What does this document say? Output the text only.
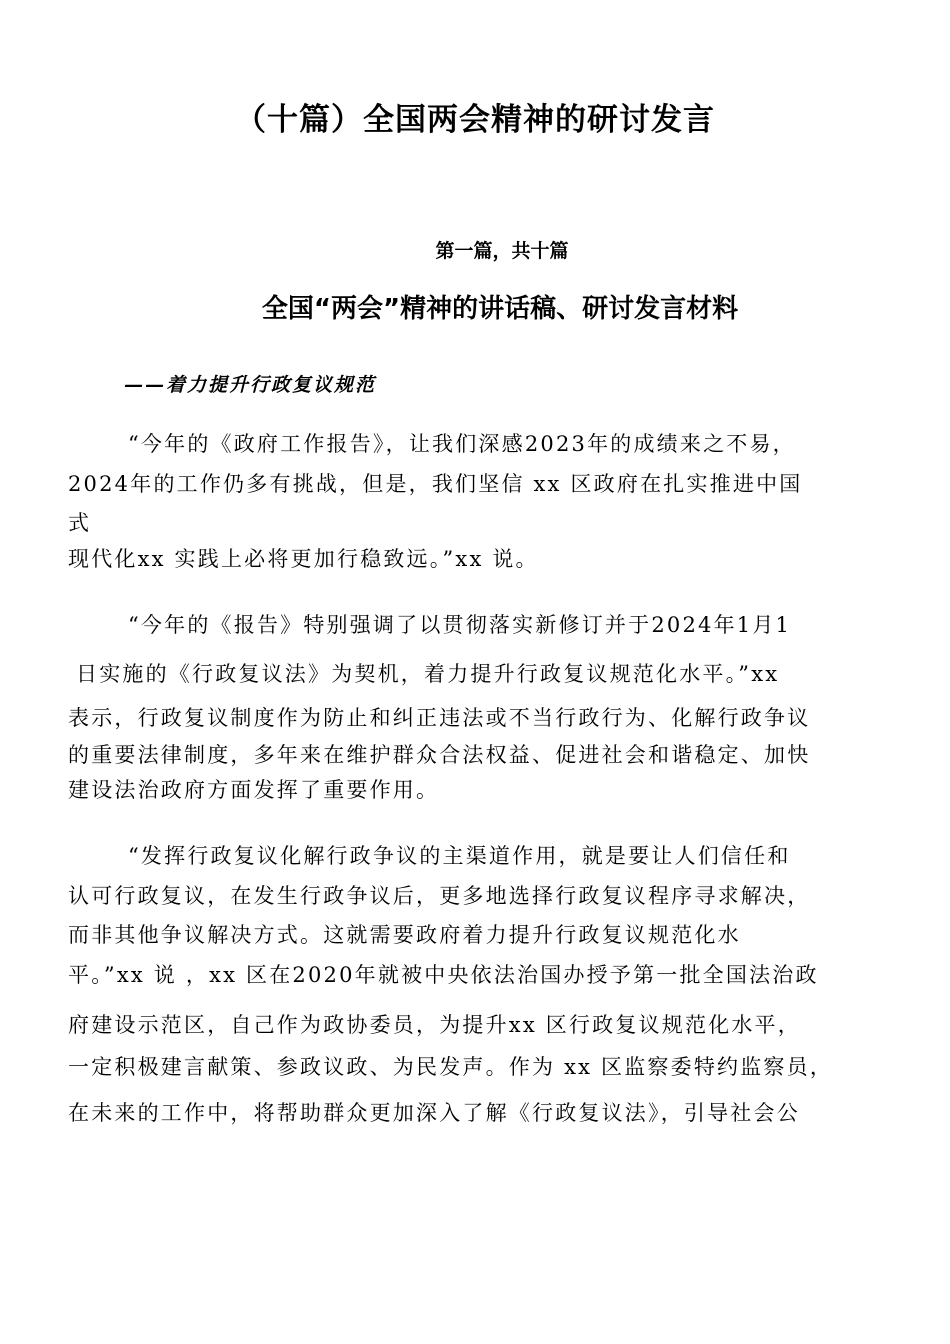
（十篇）全国两会精神的研讨发言
第一篇，共十篇
全国“两会”精神的讲话稿、研讨发言材料
——着力提升行政复议规范
“今年的《政府工作报告》，让我们深感2023年的成绩来之不易，
2024年的工作仍多有挑战，但是，我们坚信 xx 区政府在扎实推进中国
式
现代化xx 实践上必将更加行稳致远。”xx 说。
“今年的《报告》特别强调了以贯彻落实新修订并于2024年1月1
日实施的《行政复议法》为契机，着力提升行政复议规范化水平。”xx
表示，行政复议制度作为防止和纠正违法或不当行政行为、化解行政争议
的重要法律制度，多年来在维护群众合法权益、促进社会和谐稳定、加快
建设法治政府方面发挥了重要作用。
“发挥行政复议化解行政争议的主渠道作用，就是要让人们信任和
认可行政复议，在发生行政争议后，更多地选择行政复议程序寻求解决，
而非其他争议解决方式。这就需要政府着力提升行政复议规范化水
平。”xx 说 ，xx 区在2020年就被中央依法治国办授予第一批全国法治政
府建设示范区，自己作为政协委员，为提升xx 区行政复议规范化水平，
一定积极建言献策、参政议政、为民发声。作为 xx 区监察委特约监察员，
在未来的工作中，将帮助群众更加深入了解《行政复议法》，引导社会公
